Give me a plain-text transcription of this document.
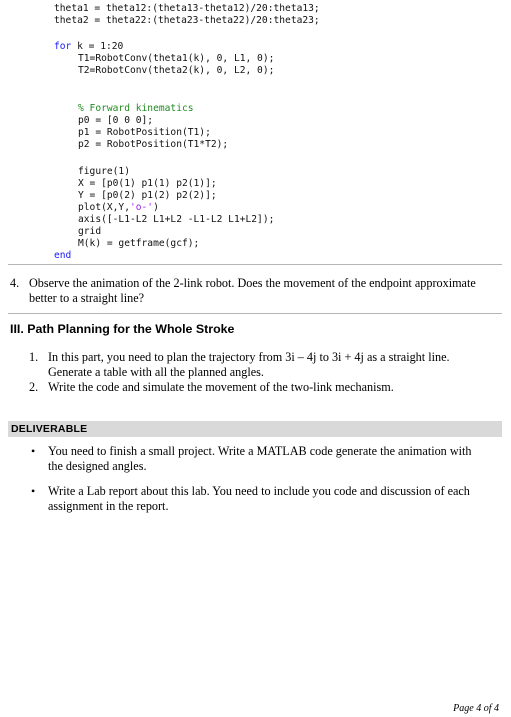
theta1 = theta12:(theta13-theta12)/20:theta13;

theta2 = theta22:(theta23-theta22)/20:theta23;

for k = 1:20

T1=RobotConv(theta1(k), 0, L1, 0);

T2=RobotConv(theta2(k), 0, L2, 0);

% Forward kinematics

p0 = [0 0 0];

p1 = RobotPosition(T1);

p2 = RobotPosition(T1*T2);

figure(1)

X = [p0(1) p1(1) p2(1)];

Y = [p0(2) p1(2) p2(2)];

plot(X,Y,'o-')

axis([-L1-L2 L1+L2 -L1-L2 L1+L2]);

grid

M(k) = getframe(gcf);

end

4. Observe the animation of the 2-link robot. Does the movement of the endpoint approximate
better to a straight line?
III. Path Planning for the Whole Stroke
1. In this part, you need to plan the trajectory from 3i – 4j to 3i + 4j as a straight line.
Generate a table with all the planned angles.
2. Write the code and simulate the movement of the two-link mechanism.
DELIVERABLE
• You need to finish a small project. Write a MATLAB code generate the animation with
the designed angles.
• Write a Lab report about this lab. You need to include you code and discussion of each
assignment in the report.
Page 4 of 4
